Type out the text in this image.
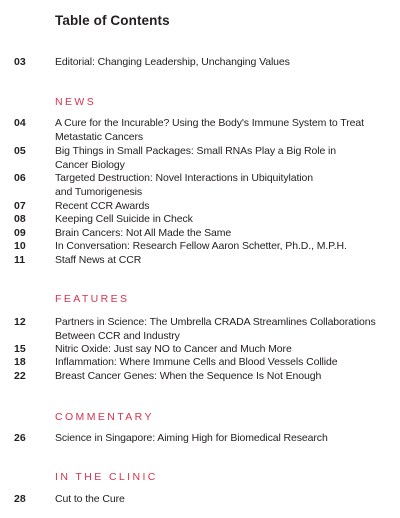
Table of Contents
03	Editorial: Changing Leadership, Unchanging Values
NEWS
04	A Cure for the Incurable? Using the Body's Immune System to Treat
Metastatic Cancers
05	Big Things in Small Packages: Small RNAs Play a Big Role in
Cancer Biology
06	Targeted Destruction: Novel Interactions in Ubiquitylation
and Tumorigenesis
07	Recent CCR Awards
08	Keeping Cell Suicide in Check
09	Brain Cancers: Not All Made the Same
10	In Conversation: Research Fellow Aaron Schetter, Ph.D., M.P.H.
11	Staff News at CCR
FEATURES
12	Partners in Science: The Umbrella CRADA Streamlines Collaborations
Between CCR and Industry
15	Nitric Oxide: Just say NO to Cancer and Much More
18	Inflammation: Where Immune Cells and Blood Vessels Collide
22	Breast Cancer Genes: When the Sequence Is Not Enough
COMMENTARY
26	Science in Singapore: Aiming High for Biomedical Research
IN THE CLINIC
28	Cut to the Cure
